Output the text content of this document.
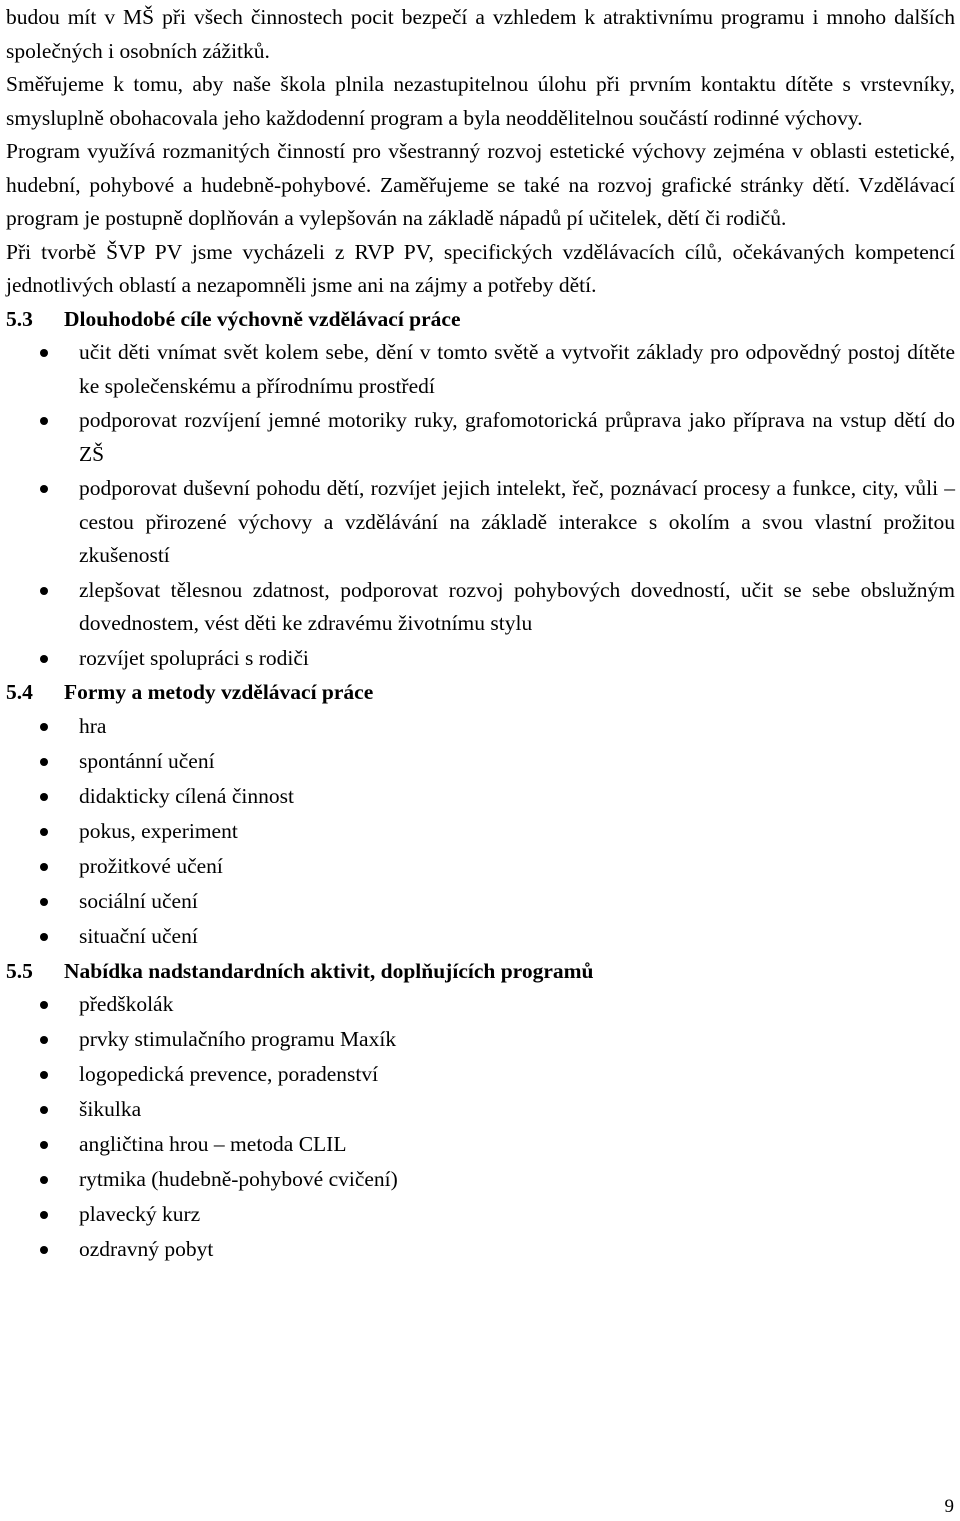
budou mít v MŠ při všech činnostech pocit bezpečí a vzhledem k atraktivnímu programu i mnoho dalších společných i osobních zážitků.

Směřujeme k tomu, aby naše škola plnila nezastupitelnou úlohu při prvním kontaktu dítěte s vrstevníky, smysluplně obohacovala jeho každodenní program a byla neoddělitelnou součástí rodinné výchovy.

Program využívá rozmanitých činností pro všestranný rozvoj estetické výchovy zejména v oblasti estetické, hudební, pohybové a hudebně-pohybové. Zaměřujeme se také na rozvoj grafické stránky dětí. Vzdělávací program je postupně doplňován a vylepšován na základě nápadů pí učitelek, dětí či rodičů.

Při tvorbě ŠVP PV jsme vycházeli z RVP PV, specifických vzdělávacích cílů, očekávaných kompetencí jednotlivých oblastí a nezapomněli jsme ani na zájmy a potřeby dětí.

5.3	Dlouhodobé cíle výchovně vzdělávací práce
učit děti vnímat svět kolem sebe, dění v tomto světě a vytvořit základy pro odpovědný postoj dítěte ke společenskému a přírodnímu prostředí
podporovat rozvíjení jemné motoriky ruky, grafomotorická průprava jako příprava na vstup dětí do ZŠ
podporovat duševní pohodu dětí, rozvíjet jejich intelekt, řeč, poznávací procesy a funkce, city, vůli – cestou přirozené výchovy a vzdělávání na základě interakce s okolím a svou vlastní prožitou zkušeností
zlepšovat tělesnou zdatnost, podporovat rozvoj pohybových dovedností, učit se sebe obslužným dovednostem, vést děti ke zdravému životnímu stylu
rozvíjet spolupráci s rodiči
5.4	Formy a metody vzdělávací práce
hra
spontánní učení
didakticky cílená činnost
pokus, experiment
prožitkové učení
sociální učení
situační učení
5.5	Nabídka nadstandardních aktivit, doplňujících programů
předškolák
prvky stimulačního programu Maxík
logopedická prevence, poradenství
šikulka
angličtina hrou – metoda CLIL
rytmika (hudebně-pohybové cvičení)
plavecký kurz
ozdravný pobyt
9
